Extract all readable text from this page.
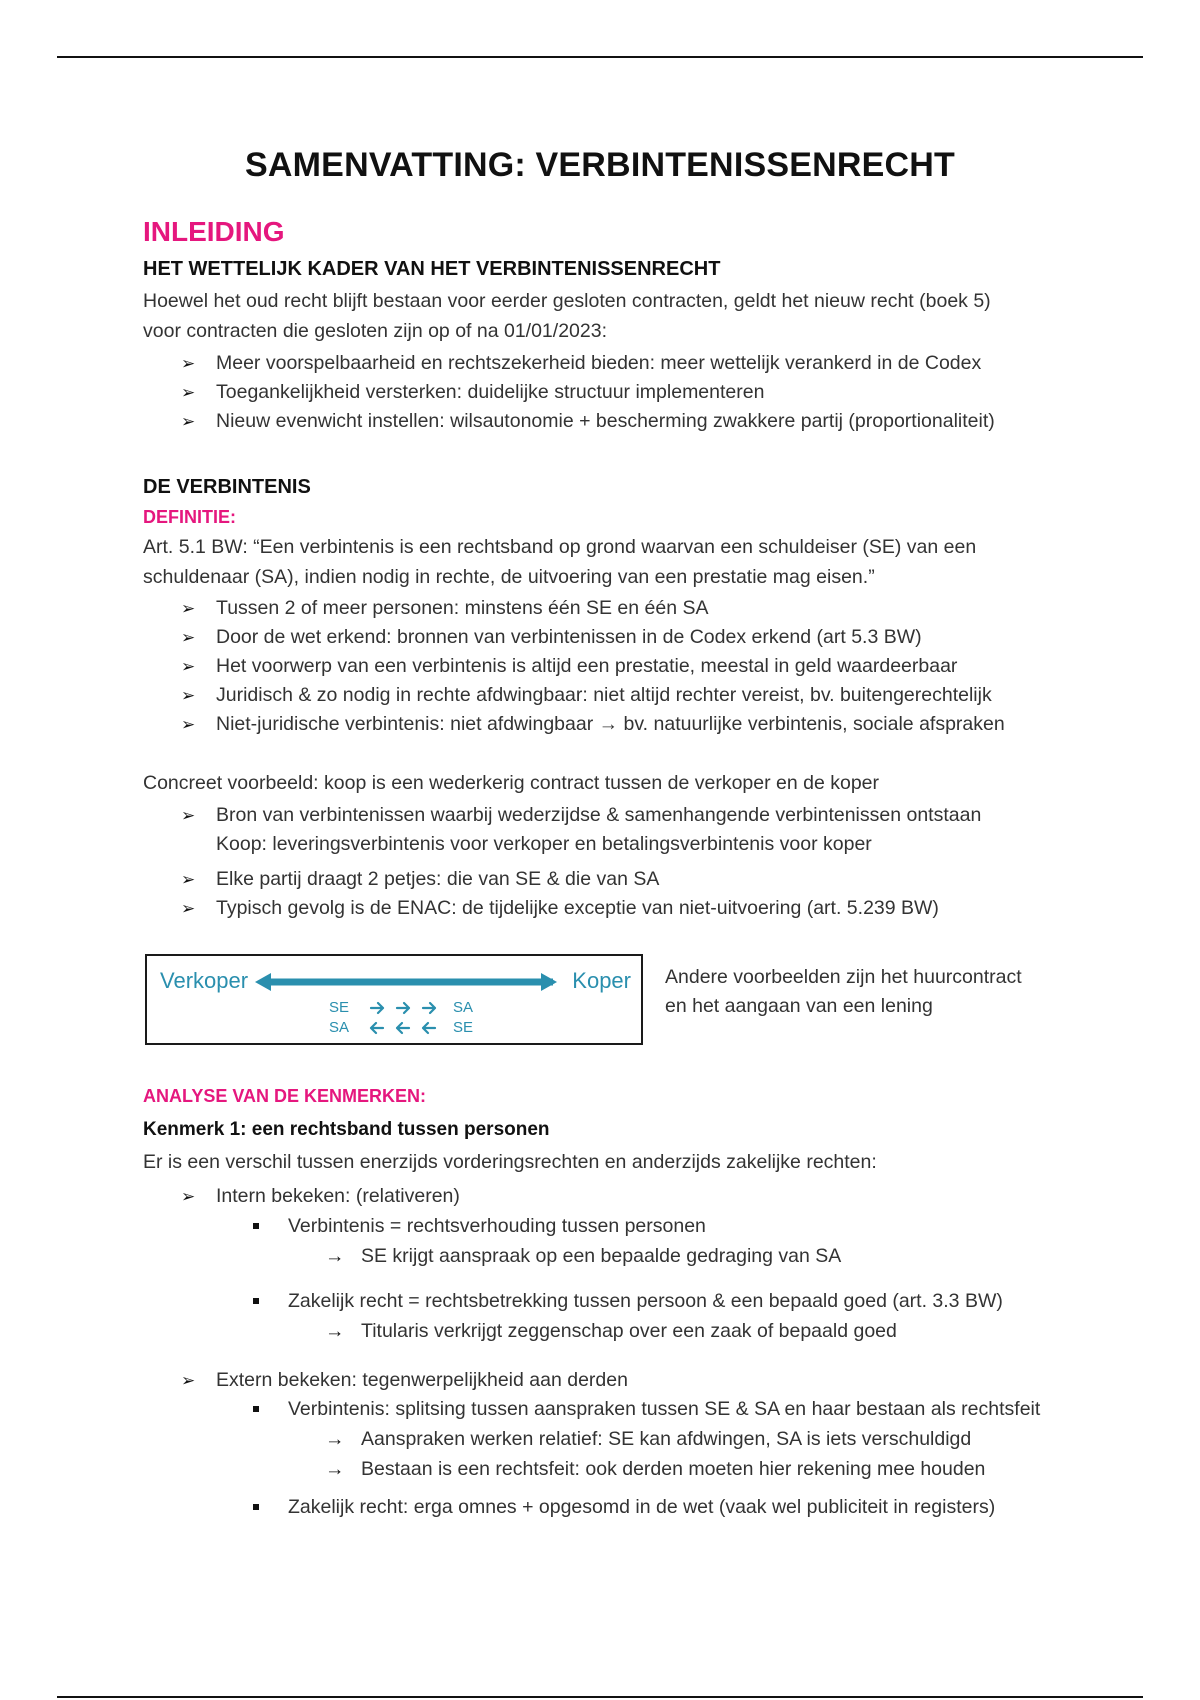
SAMENVATTING: VERBINTENISSENRECHT
INLEIDING
HET WETTELIJK KADER VAN HET VERBINTENISSENRECHT

Hoewel het oud recht blijft bestaan voor eerder gesloten contracten, geldt het nieuw recht (boek 5)

voor contracten die gesloten zijn op of na 01/01/2023:

➢ Meer voorspelbaarheid en rechtszekerheid bieden: meer wettelijk verankerd in de Codex
➢ Toegankelijkheid versterken: duidelijke structuur implementeren
➢ Nieuw evenwicht instellen: wilsautonomie + bescherming zwakkere partij (proportionaliteit)
DE VERBINTENIS
DEFINITIE:

Art. 5.1 BW: “Een verbintenis is een rechtsband op grond waarvan een schuldeiser (SE) van een

schuldenaar (SA), indien nodig in rechte, de uitvoering van een prestatie mag eisen.”

➢ Tussen 2 of meer personen: minstens één SE en één SA
➢ Door de wet erkend: bronnen van verbintenissen in de Codex erkend (art 5.3 BW)
➢ Het voorwerp van een verbintenis is altijd een prestatie, meestal in geld waardeerbaar
➢ Juridisch & zo nodig in rechte afdwingbaar: niet altijd rechter vereist, bv. buitengerechtelijk
➢ Niet-juridische verbintenis: niet afdwingbaar → bv. natuurlijke verbintenis, sociale afspraken
Concreet voorbeeld: koop is een wederkerig contract tussen de verkoper en de koper
➢ Bron van verbintenissen waarbij wederzijdse & samenhangende verbintenissen ontstaan
Koop: leveringsverbintenis voor verkoper en betalingsverbintenis voor koper
➢ Elke partij draagt 2 petjes: die van SE & die van SA
➢ Typisch gevolg is de ENAC: de tijdelijke exceptie van niet-uitvoering (art. 5.239 BW)
Verkoper	Koper
SE	SA
SA	SE
Andere voorbeelden zijn het huurcontract
en het aangaan van een lening
ANALYSE VAN DE KENMERKEN:
Kenmerk 1: een rechtsband tussen personen
Er is een verschil tussen enerzijds vorderingsrechten en anderzijds zakelijke rechten:
➢ Intern bekeken: (relativeren)
Verbintenis = rechtsverhouding tussen personen
→ SE krijgt aanspraak op een bepaalde gedraging van SA
Zakelijk recht = rechtsbetrekking tussen persoon & een bepaald goed (art. 3.3 BW)
→ Titularis verkrijgt zeggenschap over een zaak of bepaald goed
➢ Extern bekeken: tegenwerpelijkheid aan derden
Verbintenis: splitsing tussen aanspraken tussen SE & SA en haar bestaan als rechtsfeit
→ Aanspraken werken relatief: SE kan afdwingen, SA is iets verschuldigd
→ Bestaan is een rechtsfeit: ook derden moeten hier rekening mee houden
Zakelijk recht: erga omnes + opgesomd in de wet (vaak wel publiciteit in registers)
